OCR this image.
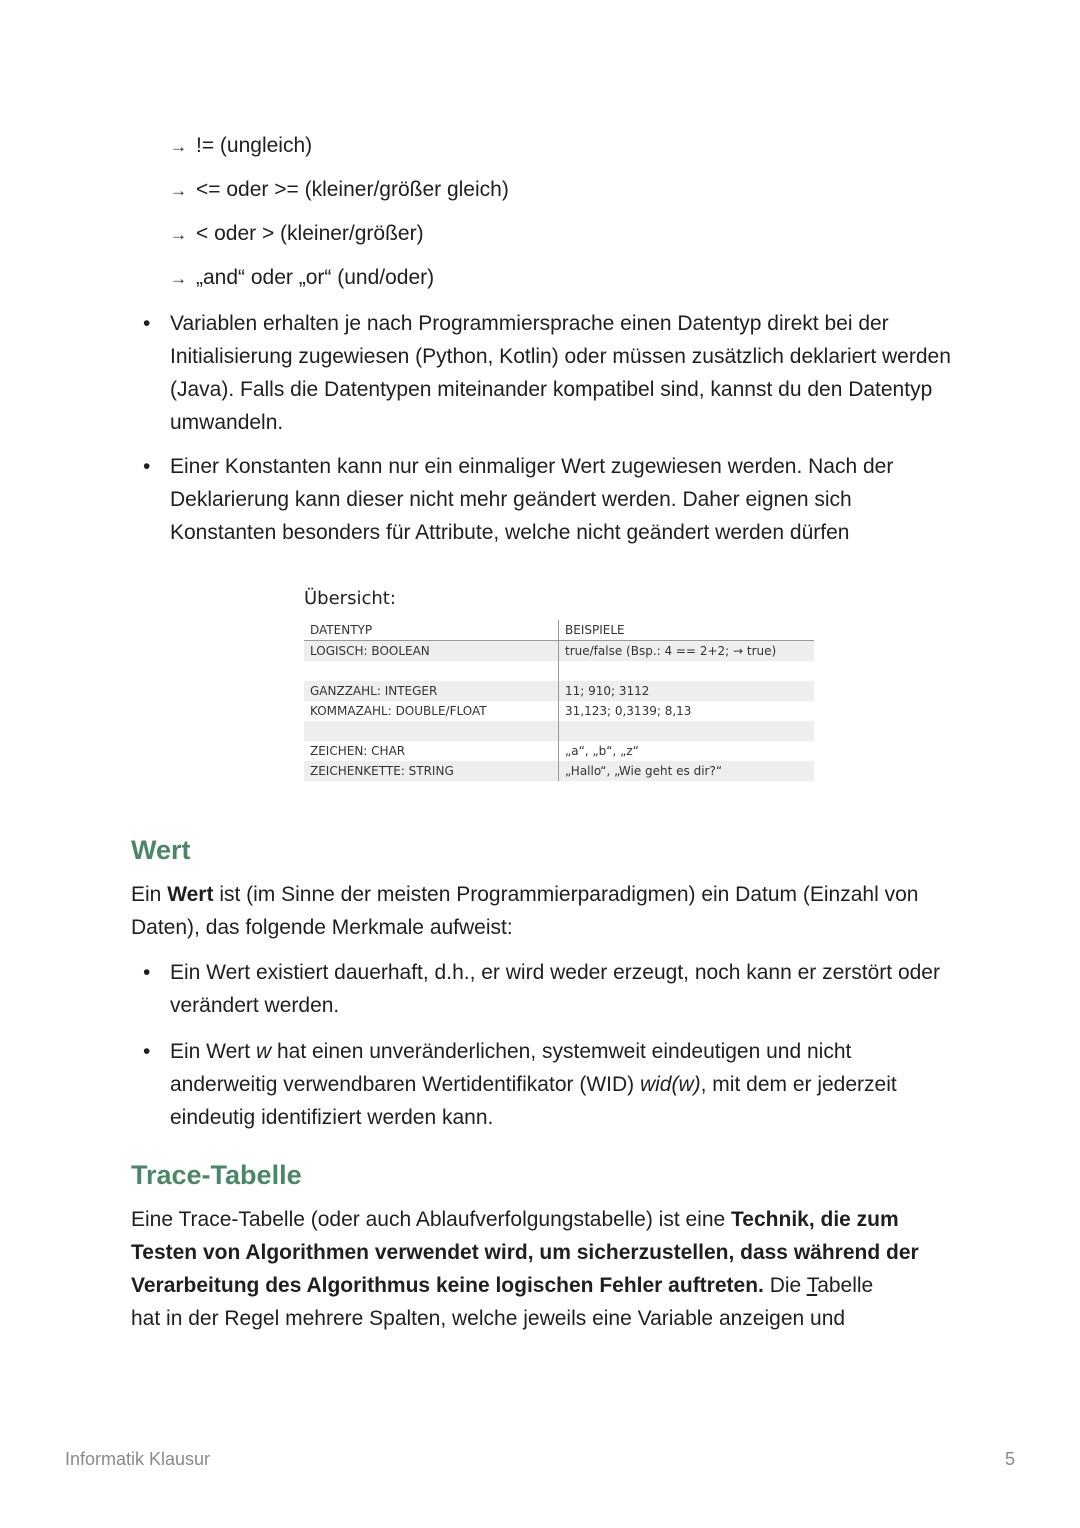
→ != (ungleich)
→ <= oder >= (kleiner/größer gleich)
→ < oder > (kleiner/größer)
→ „and“ oder „or“ (und/oder)
• Variablen erhalten je nach Programmiersprache einen Datentyp direkt bei der Initialisierung zugewiesen (Python, Kotlin) oder müssen zusätzlich deklariert werden (Java). Falls die Datentypen miteinander kompatibel sind, kannst du den Datentyp umwandeln.
• Einer Konstanten kann nur ein einmaliger Wert zugewiesen werden. Nach der Deklarierung kann dieser nicht mehr geändert werden. Daher eignen sich Konstanten besonders für Attribute, welche nicht geändert werden dürfen
Übersicht:
DATENTYP	BEISPIELE
LOGISCH: BOOLEAN	true/false (Bsp.: 4 == 2+2; → true)

GANZZAHL: INTEGER	11; 910; 3112
KOMMAZAHL: DOUBLE/FLOAT	31,123; 0,3139; 8,13

ZEICHEN: CHAR	„a“, „b“, „z“
ZEICHENKETTE: STRING	„Hallo“, „Wie geht es dir?“
Wert
Ein Wert ist (im Sinne der meisten Programmierparadigmen) ein Datum (Einzahl von Daten), das folgende Merkmale aufweist:
• Ein Wert existiert dauerhaft, d.h., er wird weder erzeugt, noch kann er zerstört oder verändert werden.
• Ein Wert w hat einen unveränderlichen, systemweit eindeutigen und nicht anderweitig verwendbaren Wertidentifikator (WID) wid(w), mit dem er jederzeit eindeutig identifiziert werden kann.
Trace-Tabelle
Eine Trace-Tabelle (oder auch Ablaufverfolgungstabelle) ist eine Technik, die zum Testen von Algorithmen verwendet wird, um sicherzustellen, dass während der Verarbeitung des Algorithmus keine logischen Fehler auftreten. Die Tabelle
hat in der Regel mehrere Spalten, welche jeweils eine Variable anzeigen und
Informatik Klausur	5
